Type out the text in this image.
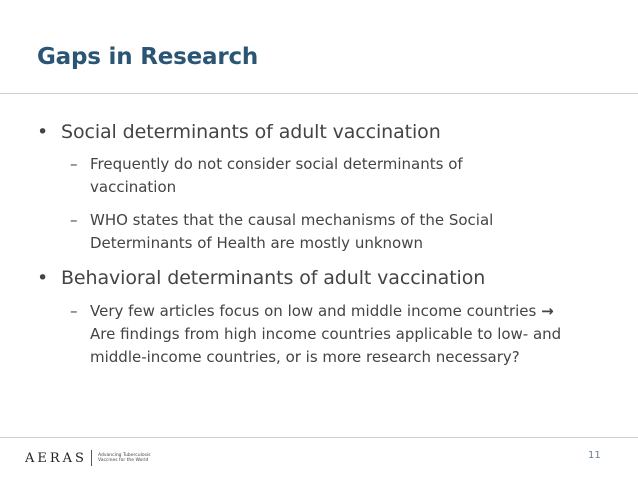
Gaps in Research
• Social determinants of adult vaccination
– Frequently do not consider social determinants of vaccination
– WHO states that the causal mechanisms of the Social Determinants of Health are mostly unknown
• Behavioral determinants of adult vaccination
– Very few articles focus on low and middle income countries → Are findings from high income countries applicable to low- and middle-income countries, or is more research necessary?
AERAS Advancing Tuberculosis Vaccines for the World	11
